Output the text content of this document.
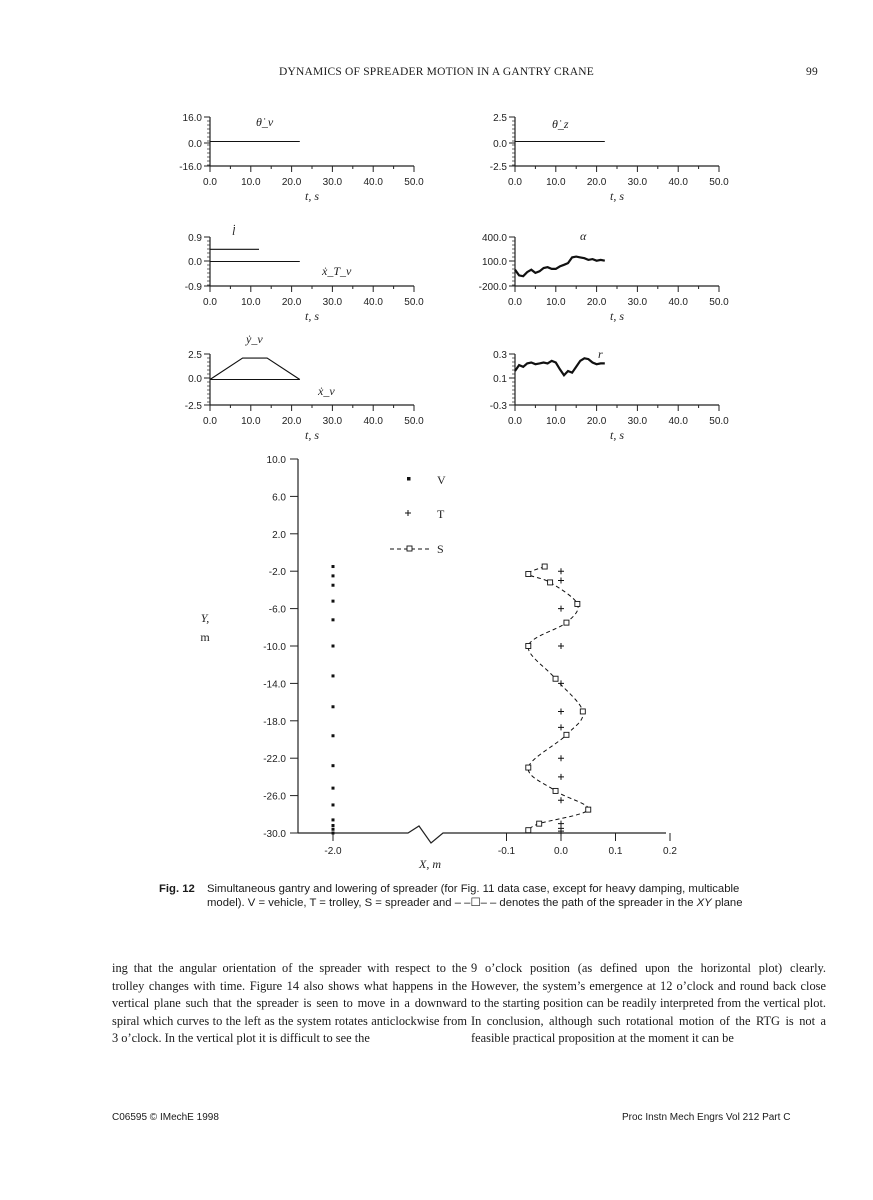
DYNAMICS OF SPREADER MOTION IN A GANTRY CRANE	99
0.0 10.0 20.0 30.0 40.0 50.0
16.0
0.0
-16.0
t, s
θ̇_v
0.0 10.0 20.0 30.0 40.0 50.0
2.5
0.0
-2.5
t, s
θ̇_z
0.0 10.0 20.0 30.0 40.0 50.0
0.9
0.0
-0.9
t, s
l̇
ẋ_T_v
0.0 10.0 20.0 30.0 40.0 50.0
400.0
100.0
-200.0
t, s
α
0.0 10.0 20.0 30.0 40.0 50.0
2.5
0.0
-2.5
t, s
ẏ_v
ẋ_v
0.0 10.0 20.0 30.0 40.0 50.0
0.3
0.1
-0.3
t, s
r
10.0
6.0
2.0
-2.0
-6.0
-10.0
-14.0
-18.0
-22.0
-26.0
-30.0
Y,
m
-2.0	-0.1	0.0	0.1	0.2
X, m
V
T
S
Fig. 12 Simultaneous gantry and lowering of spreader (for Fig. 11 data case, except for heavy damping, multicable model). V = vehicle, T = trolley, S = spreader and – –☐– – denotes the path of the spreader in the XY plane
ing that the angular orientation of the spreader with respect to the trolley changes with time. Figure 14 also shows what happens in the vertical plane such that the spreader is seen to move in a downward spiral which curves to the left as the system rotates anticlockwise from 3 o’clock. In the vertical plot it is difficult to see the
9 o’clock position (as defined upon the horizontal plot) clearly. However, the system’s emergence at 12 o’clock and round back close to the starting position can be readily interpreted from the vertical plot. In conclusion, although such rotational motion of the RTG is not a feasible practical proposition at the moment it can be
C06595 © IMechE 1998	Proc Instn Mech Engrs Vol 212 Part C
